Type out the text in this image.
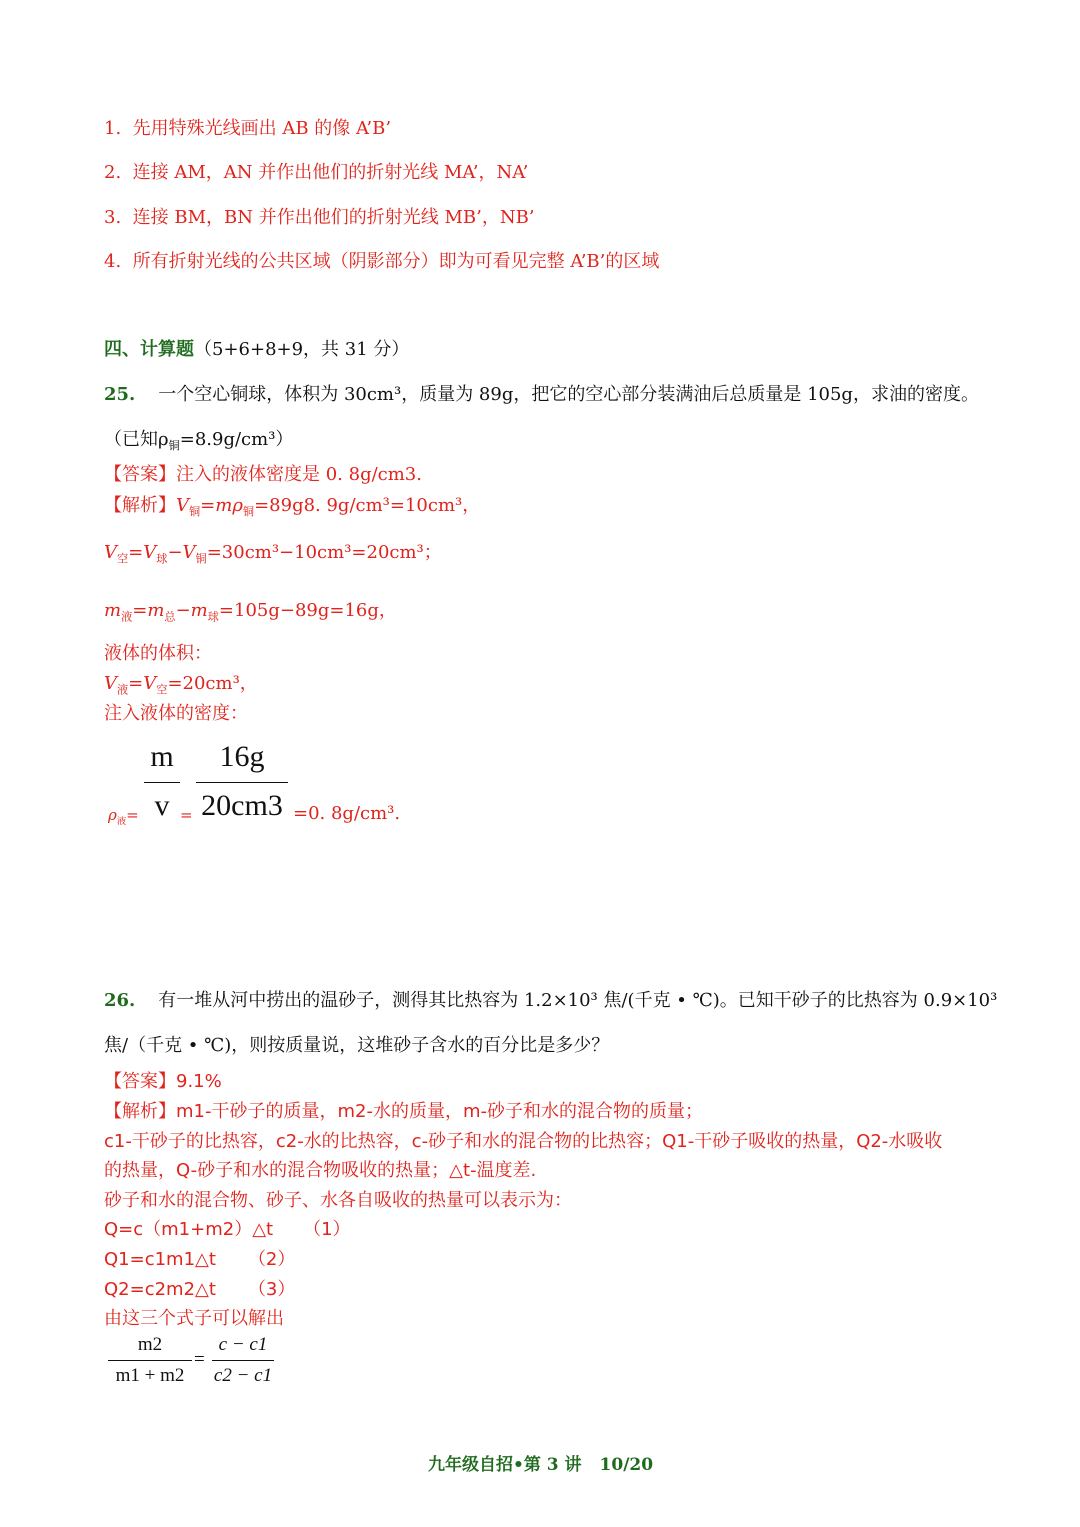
1. 先用特殊光线画出 AB 的像 A’B’
2. 连接 AM，AN 并作出他们的折射光线 MA’，NA’
3. 连接 BM，BN 并作出他们的折射光线 MB’，NB’
4. 所有折射光线的公共区域（阴影部分）即为可看见完整 A’B’的区域
四、计算题（5+6+8+9，共 31 分）
25. 一个空心铜球，体积为 30cm³，质量为 89g，把它的空心部分装满油后总质量是 105g，求油的密度。
（已知$\rho_铜=8.9g/cm^3$）
【答案】注入的液体密度是 0. 8g/cm3.
【解析】$V_铜=m\rho_铜=89g8$. 9g/cm³=10cm³，
$V_空=V_球-V_铜=30cm^3-10cm^3=20cm^3$；
$m_液=m_总-m_球=105g-89g=16g$，
液体的体积：
$V_液=V_空=20cm^3$，
注入液体的密度：
$\rho_液=$
m
v =
16g
20cm3 =0. 8g/cm³.
26. 有一堆从河中捞出的温砂子，测得其比热容为 1.2×10³ 焦/(千克 • ℃)。已知干砂子的比热容为 0.9×10³
焦/（千克 • ℃)，则按质量说，这堆砂子含水的百分比是多少？
【答案】9.1%
【解析】m1-干砂子的质量，m2-水的质量，m-砂子和水的混合物的质量；
c1-干砂子的比热容，c2-水的比热容，c-砂子和水的混合物的比热容；Q1-干砂子吸收的热量，Q2-水吸收
的热量，Q-砂子和水的混合物吸收的热量；△t-温度差.
砂子和水的混合物、砂子、水各自吸收的热量可以表示为：
Q=c（m1+m2）△t （1）
Q1=c1m1△t （2）
Q2=c2m2△t （3）
由这三个式子可以解出
m2
m1 + m2
=
c − c1
c2 − c1
九年级自招•第 3 讲 10/20
